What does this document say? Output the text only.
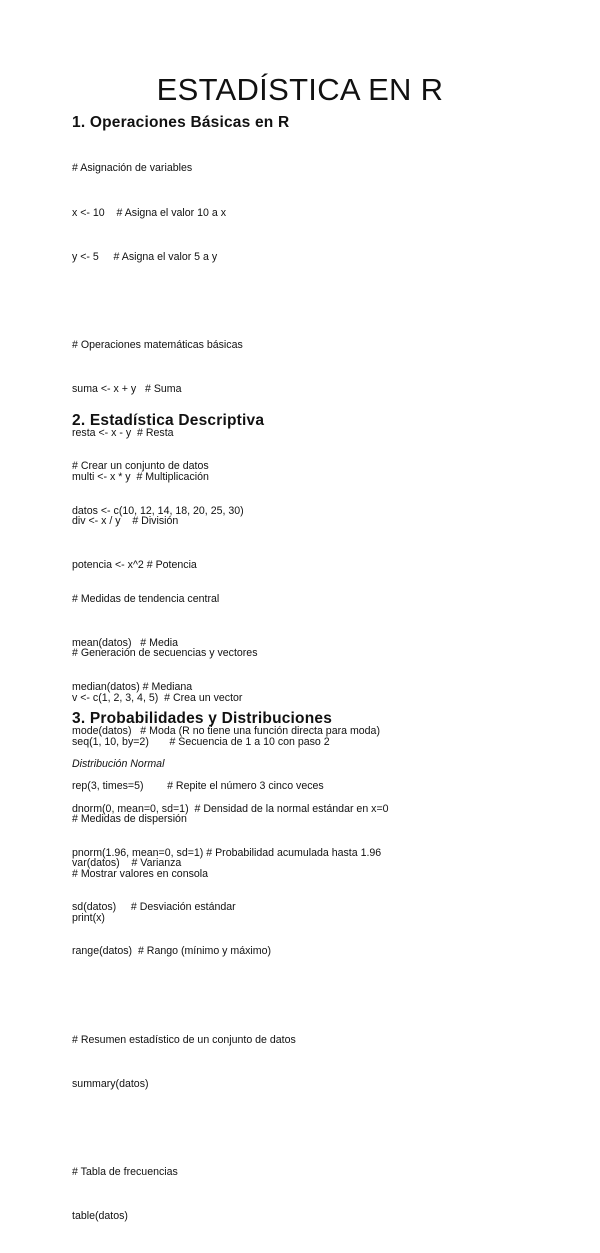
ESTADÍSTICA EN R
1. Operaciones Básicas en R

# Asignación de variables

x <- 10    # Asigna el valor 10 a x

y <- 5     # Asigna el valor 5 a y

# Operaciones matemáticas básicas

suma <- x + y   # Suma

resta <- x - y  # Resta

multi <- x * y  # Multiplicación

div <- x / y    # División

potencia <- x^2 # Potencia

# Generación de secuencias y vectores

v <- c(1, 2, 3, 4, 5)  # Crea un vector

seq(1, 10, by=2)       # Secuencia de 1 a 10 con paso 2

rep(3, times=5)        # Repite el número 3 cinco veces

# Mostrar valores en consola

print(x)

2. Estadística Descriptiva

# Crear un conjunto de datos

datos <- c(10, 12, 14, 18, 20, 25, 30)

# Medidas de tendencia central

mean(datos)   # Media

median(datos) # Mediana

mode(datos)   # Moda (R no tiene una función directa para moda)

# Medidas de dispersión

var(datos)    # Varianza

sd(datos)     # Desviación estándar

range(datos)  # Rango (mínimo y máximo)

# Resumen estadístico de un conjunto de datos

summary(datos)

# Tabla de frecuencias

table(datos)

3. Probabilidades y Distribuciones

Distribución Normal

dnorm(0, mean=0, sd=1)  # Densidad de la normal estándar en x=0

pnorm(1.96, mean=0, sd=1) # Probabilidad acumulada hasta 1.96
